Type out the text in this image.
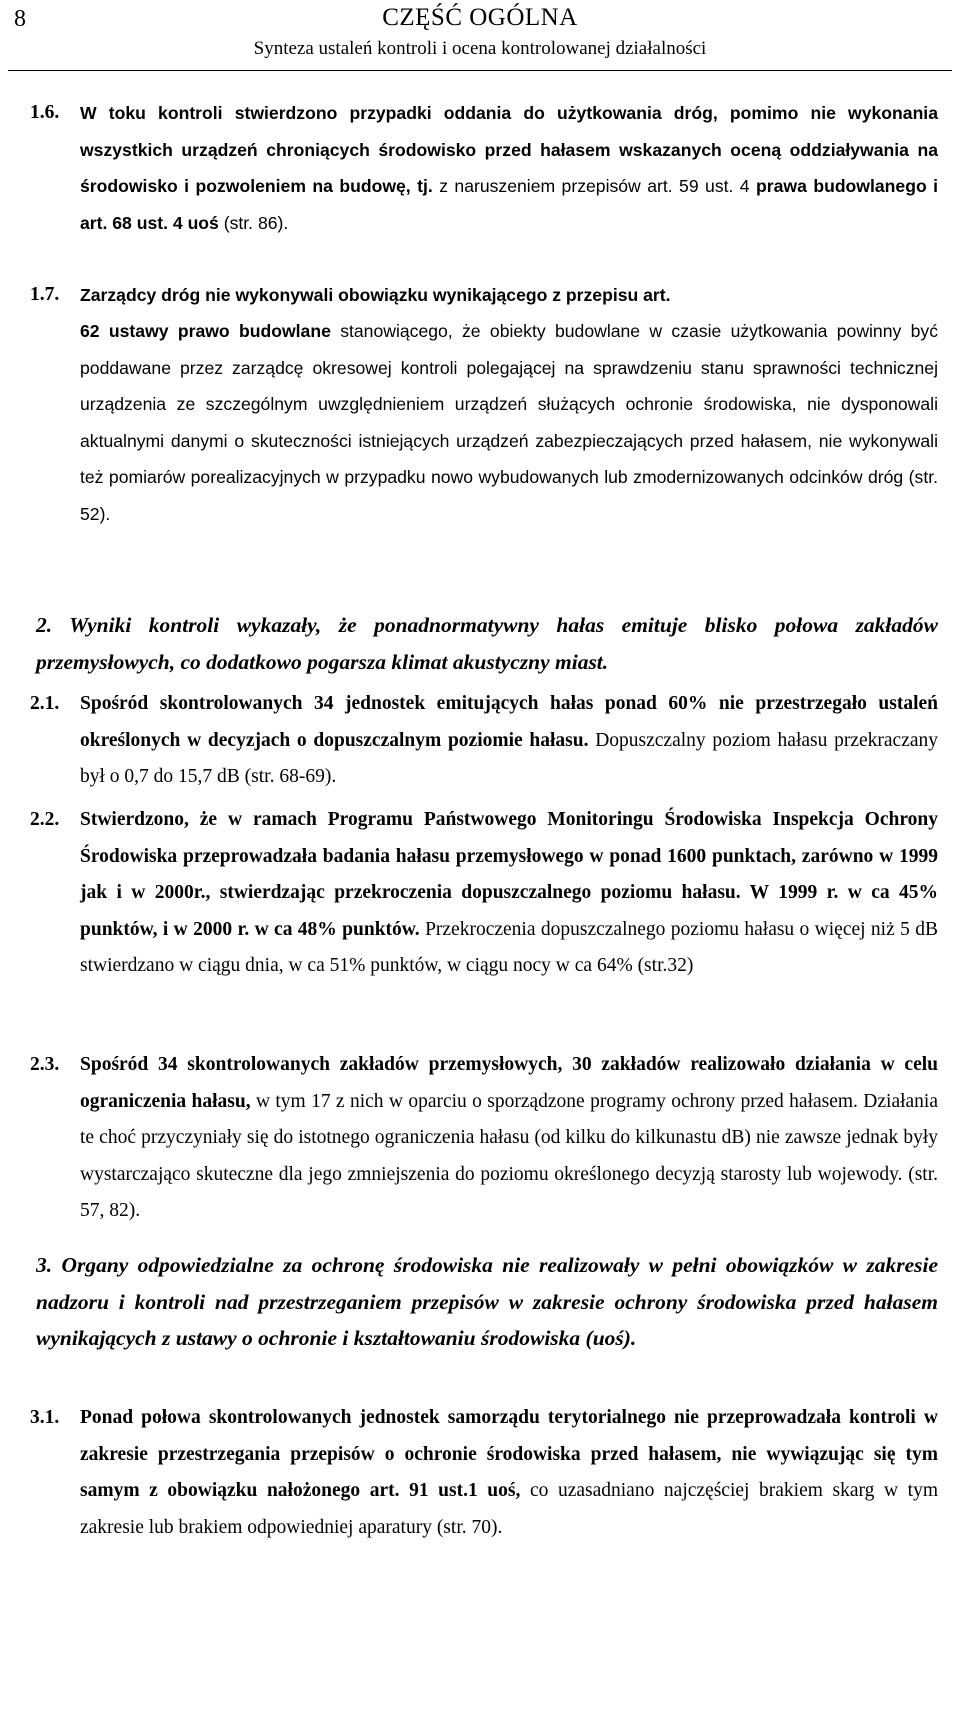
8	CZĘŚĆ OGÓLNA
Synteza ustaleń kontroli i ocena kontrolowanej działalności
1.6. W toku kontroli stwierdzono przypadki oddania do użytkowania dróg, pomimo nie wykonania wszystkich urządzeń chroniących środowisko przed hałasem wskazanych oceną oddziaływania na środowisko i pozwoleniem na budowę, tj. z naruszeniem przepisów art. 59 ust. 4 prawa budowlanego i art. 68 ust. 4 uoś (str. 86).
1.7. Zarządcy dróg nie wykonywali obowiązku wynikającego z przepisu art.
62 ustawy prawo budowlane stanowiącego, że obiekty budowlane w czasie użytkowania powinny być poddawane przez zarządcę okresowej kontroli polegającej na sprawdzeniu stanu sprawności technicznej urządzenia ze szczególnym uwzględnieniem urządzeń służących ochronie środowiska, nie dysponowali aktualnymi danymi o skuteczności istniejących urządzeń zabezpieczających przed hałasem, nie wykonywali też pomiarów porealizacyjnych w przypadku nowo wybudowanych lub zmodernizowanych odcinków dróg (str. 52).
2. Wyniki kontroli wykazały, że ponadnormatywny hałas emituje blisko połowa zakładów przemysłowych, co dodatkowo pogarsza klimat akustyczny miast.
2.1. Spośród skontrolowanych 34 jednostek emitujących hałas ponad 60% nie przestrzegało ustaleń określonych w decyzjach o dopuszczalnym poziomie hałasu. Dopuszczalny poziom hałasu przekraczany był o 0,7 do 15,7 dB (str. 68-69).
2.2. Stwierdzono, że w ramach Programu Państwowego Monitoringu Środowiska Inspekcja Ochrony Środowiska przeprowadzała badania hałasu przemysłowego w ponad 1600 punktach, zarówno w 1999 jak i w 2000r., stwierdzając przekroczenia dopuszczalnego poziomu hałasu. W 1999 r. w ca 45% punktów, i w 2000 r. w ca 48% punktów. Przekroczenia dopuszczalnego poziomu hałasu o więcej niż 5 dB stwierdzano w ciągu dnia, w ca 51% punktów, w ciągu nocy w ca 64% (str.32)
2.3. Spośród 34 skontrolowanych zakładów przemysłowych, 30 zakładów realizowało działania w celu ograniczenia hałasu, w tym 17 z nich w oparciu o sporządzone programy ochrony przed hałasem. Działania te choć przyczyniały się do istotnego ograniczenia hałasu (od kilku do kilkunastu dB) nie zawsze jednak były wystarczająco skuteczne dla jego zmniejszenia do poziomu określonego decyzją starosty lub wojewody. (str. 57, 82).
3. Organy odpowiedzialne za ochronę środowiska nie realizowały w pełni obowiązków w zakresie nadzoru i kontroli nad przestrzeganiem przepisów w zakresie ochrony środowiska przed hałasem wynikających z ustawy o ochronie i kształtowaniu środowiska (uoś).
3.1. Ponad połowa skontrolowanych jednostek samorządu terytorialnego nie przeprowadzała kontroli w zakresie przestrzegania przepisów o ochronie środowiska przed hałasem, nie wywiązując się tym samym z obowiązku nałożonego art. 91 ust.1 uoś, co uzasadniano najczęściej brakiem skarg w tym zakresie lub brakiem odpowiedniej aparatury (str. 70).
